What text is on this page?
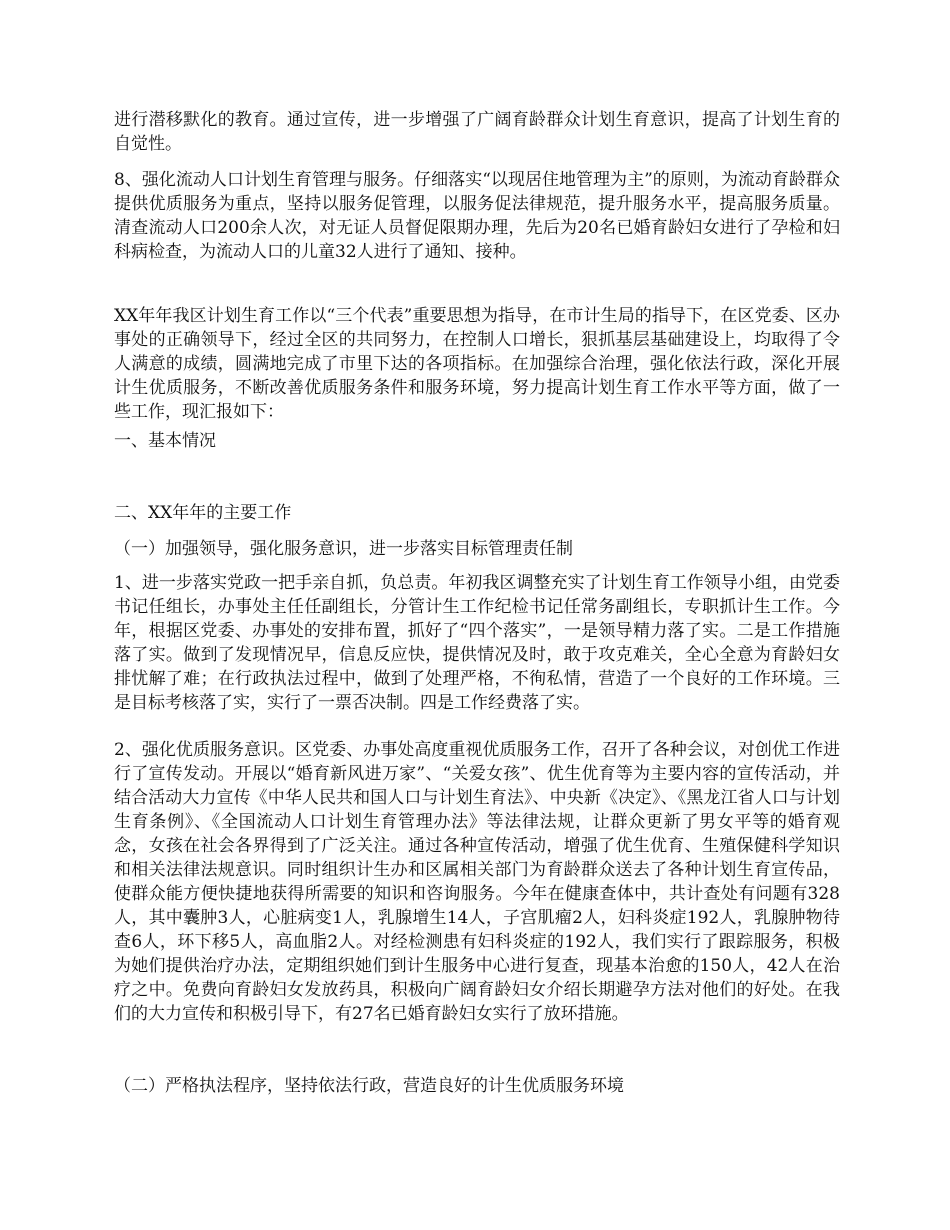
进行潜移默化的教育。通过宣传，进一步增强了广阔育龄群众计划生育意识，提高了计划生育的自觉性。

8、强化流动人口计划生育管理与服务。仔细落实“以现居住地管理为主”的原则，为流动育龄群众提供优质服务为重点，坚持以服务促管理，以服务促法律规范，提升服务水平，提高服务质量。清查流动人口200余人次，对无证人员督促限期办理，先后为20名已婚育龄妇女进行了孕检和妇科病检查，为流动人口的儿童32人进行了通知、接种。

XX年年我区计划生育工作以“三个代表”重要思想为指导，在市计生局的指导下，在区党委、区办事处的正确领导下，经过全区的共同努力，在控制人口增长，狠抓基层基础建设上，均取得了令人满意的成绩，圆满地完成了市里下达的各项指标。在加强综合治理，强化依法行政，深化开展计生优质服务，不断改善优质服务条件和服务环境，努力提高计划生育工作水平等方面，做了一些工作，现汇报如下：

一、基本情况

二、XX年年的主要工作

（一）加强领导，强化服务意识，进一步落实目标管理责任制

1、进一步落实党政一把手亲自抓，负总责。年初我区调整充实了计划生育工作领导小组，由党委书记任组长，办事处主任任副组长，分管计生工作纪检书记任常务副组长，专职抓计生工作。今年，根据区党委、办事处的安排布置，抓好了“四个落实”，一是领导精力落了实。二是工作措施落了实。做到了发现情况早，信息反应快，提供情况及时，敢于攻克难关，全心全意为育龄妇女排忧解了难；在行政执法过程中，做到了处理严格，不徇私情，营造了一个良好的工作环境。三是目标考核落了实，实行了一票否决制。四是工作经费落了实。

2、强化优质服务意识。区党委、办事处高度重视优质服务工作，召开了各种会议，对创优工作进行了宣传发动。开展以“婚育新风进万家”、“关爱女孩”、优生优育等为主要内容的宣传活动，并结合活动大力宣传《中华人民共和国人口与计划生育法》、中央新《决定》、《黑龙江省人口与计划生育条例》、《全国流动人口计划生育管理办法》等法律法规，让群众更新了男女平等的婚育观念，女孩在社会各界得到了广泛关注。通过各种宣传活动，增强了优生优育、生殖保健科学知识和相关法律法规意识。同时组织计生办和区属相关部门为育龄群众送去了各种计划生育宣传品，使群众能方便快捷地获得所需要的知识和咨询服务。今年在健康查体中，共计查处有问题有328人，其中囊肿3人，心脏病变1人，乳腺增生14人，子宫肌瘤2人，妇科炎症192人，乳腺肿物待查6人，环下移5人，高血脂2人。对经检测患有妇科炎症的192人，我们实行了跟踪服务，积极为她们提供治疗办法，定期组织她们到计生服务中心进行复查，现基本治愈的150人，42人在治疗之中。免费向育龄妇女发放药具，积极向广阔育龄妇女介绍长期避孕方法对他们的好处。在我们的大力宣传和积极引导下，有27名已婚育龄妇女实行了放环措施。

（二）严格执法程序，坚持依法行政，营造良好的计生优质服务环境
